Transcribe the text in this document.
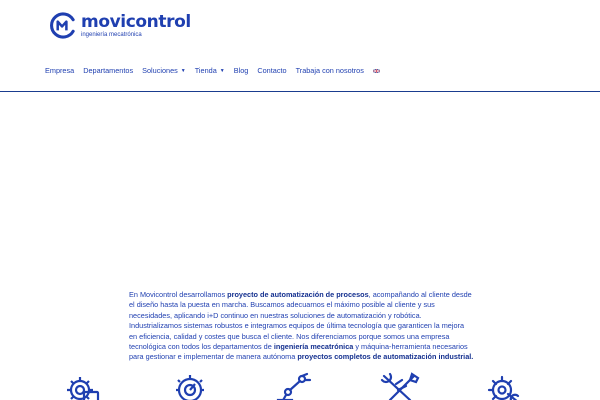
movicontrol
ingeniería mecatrónica
Empresa Departamentos Soluciones ▼ Tienda ▼ Blog Contacto Trabaja con nosotros
En Movicontrol desarrollamos proyecto de automatización de procesos, acompañando al cliente desde el diseño hasta la puesta en marcha. Buscamos adecuarnos el máximo posible al cliente y sus necesidades, aplicando i+D continuo en nuestras soluciones de automatización y robótica. Industrializamos sistemas robustos e integramos equipos de última tecnología que garanticen la mejora en eficiencia, calidad y costes que busca el cliente. Nos diferenciamos porque somos una empresa tecnológica con todos los departamentos de ingeniería mecatrónica y máquina-herramienta necesarios para gestionar e implementar de manera autónoma proyectos completos de automatización industrial.
